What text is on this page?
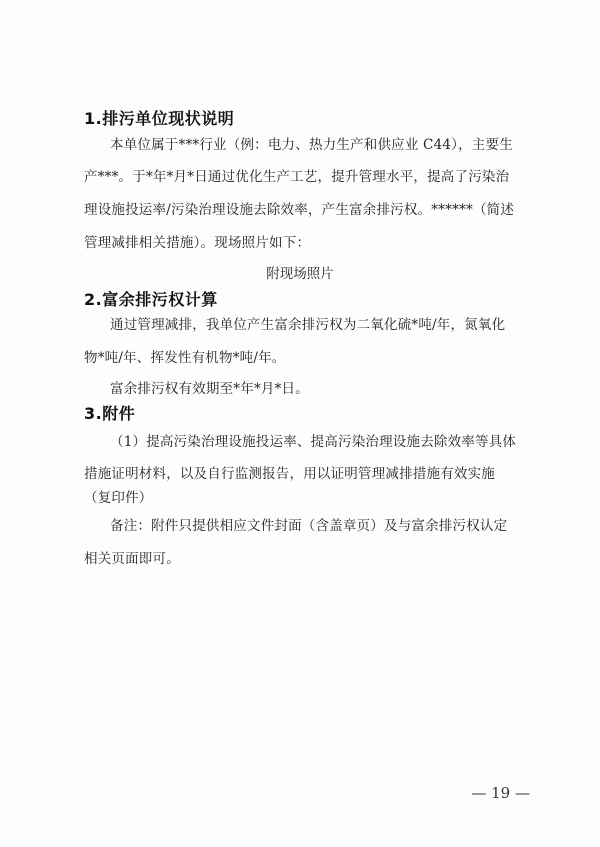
1.排污单位现状说明
本单位属于***行业（例：电力、热力生产和供应业 C44），主要生
产***。于*年*月*日通过优化生产工艺，提升管理水平，提高了污染治
理设施投运率/污染治理设施去除效率，产生富余排污权。******（简述
管理减排相关措施）。现场照片如下：
附现场照片
2.富余排污权计算
通过管理减排，我单位产生富余排污权为二氧化硫*吨/年，氮氧化
物*吨/年、挥发性有机物*吨/年。
富余排污权有效期至*年*月*日。
3.附件
（1）提高污染治理设施投运率、提高污染治理设施去除效率等具体
措施证明材料，以及自行监测报告，用以证明管理减排措施有效实施
（复印件）
备注：附件只提供相应文件封面（含盖章页）及与富余排污权认定
相关页面即可。
— 19 —
